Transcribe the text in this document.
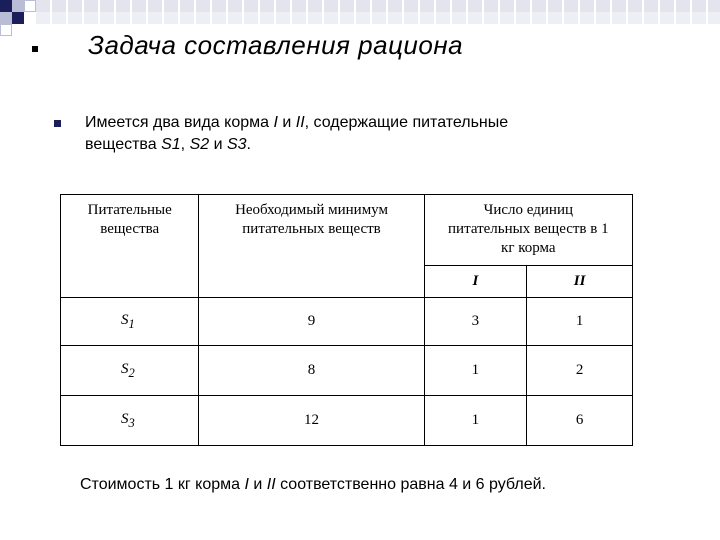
Задача составления рациона
Имеется два вида корма I и II, содержащие питательные
вещества S1, S2 и S3.
Питательные вещества	Необходимый минимум питательных веществ	Число единиц питательных веществ в 1 кг корма	
		I	II
$S_1$	9	3	1
$S_2$	8	1	2
$S_3$	12	1	6
Стоимость 1 кг корма I и II соответственно равна 4 и 6 рублей.
